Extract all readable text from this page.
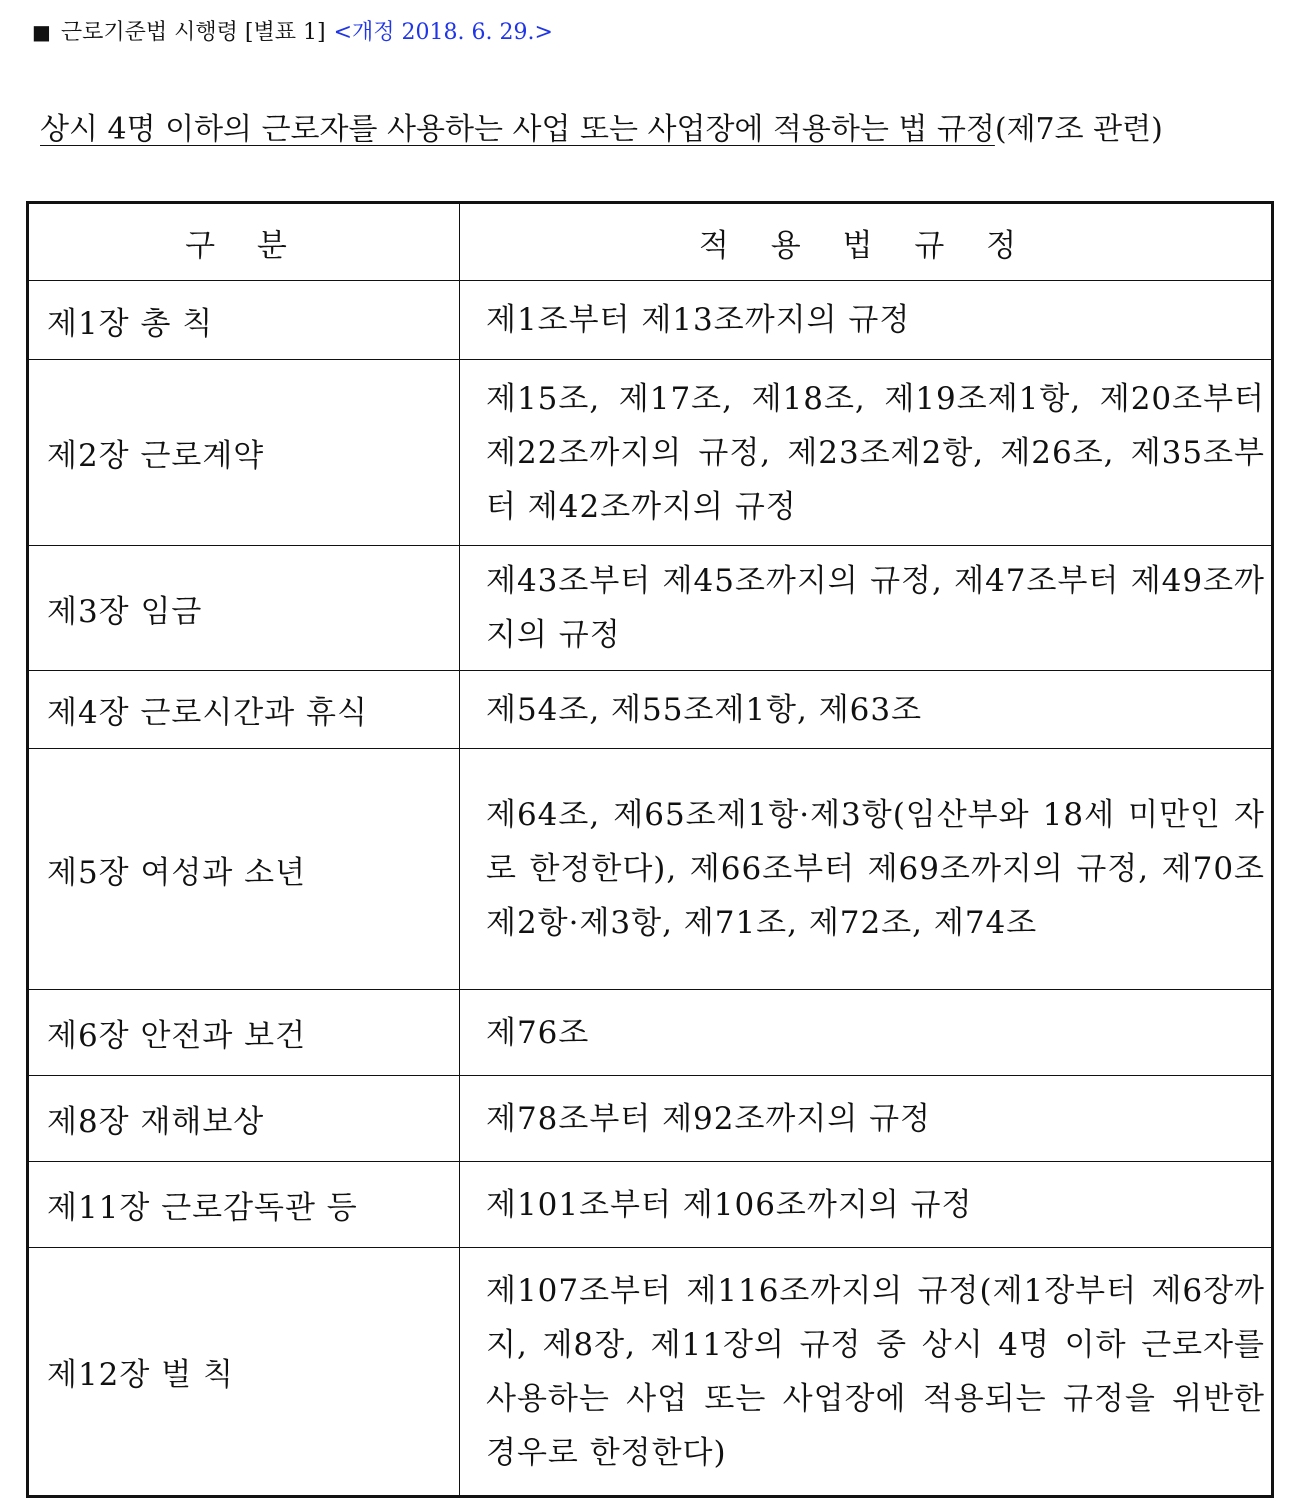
■ 근로기준법 시행령 [별표 1] <개정 2018. 6. 29.>
상시 4명 이하의 근로자를 사용하는 사업 또는 사업장에 적용하는 법 규정(제7조 관련)
구 분	적 용 법 규 정
제1장 총 칙	제1조부터 제13조까지의 규정
제2장 근로계약	제15조, 제17조, 제18조, 제19조제1항, 제20조부터 제22조까지의 규정, 제23조제2항, 제26조, 제35조부터 제42조까지의 규정
제3장 임금	제43조부터 제45조까지의 규정, 제47조부터 제49조까지의 규정
제4장 근로시간과 휴식	제54조, 제55조제1항, 제63조
제5장 여성과 소년	제64조, 제65조제1항·제3항(임산부와 18세 미만인 자로 한정한다), 제66조부터 제69조까지의 규정, 제70조제2항·제3항, 제71조, 제72조, 제74조
제6장 안전과 보건	제76조
제8장 재해보상	제78조부터 제92조까지의 규정
제11장 근로감독관 등	제101조부터 제106조까지의 규정
제12장 벌 칙	제107조부터 제116조까지의 규정(제1장부터 제6장까지, 제8장, 제11장의 규정 중 상시 4명 이하 근로자를 사용하는 사업 또는 사업장에 적용되는 규정을 위반한 경우로 한정한다)
